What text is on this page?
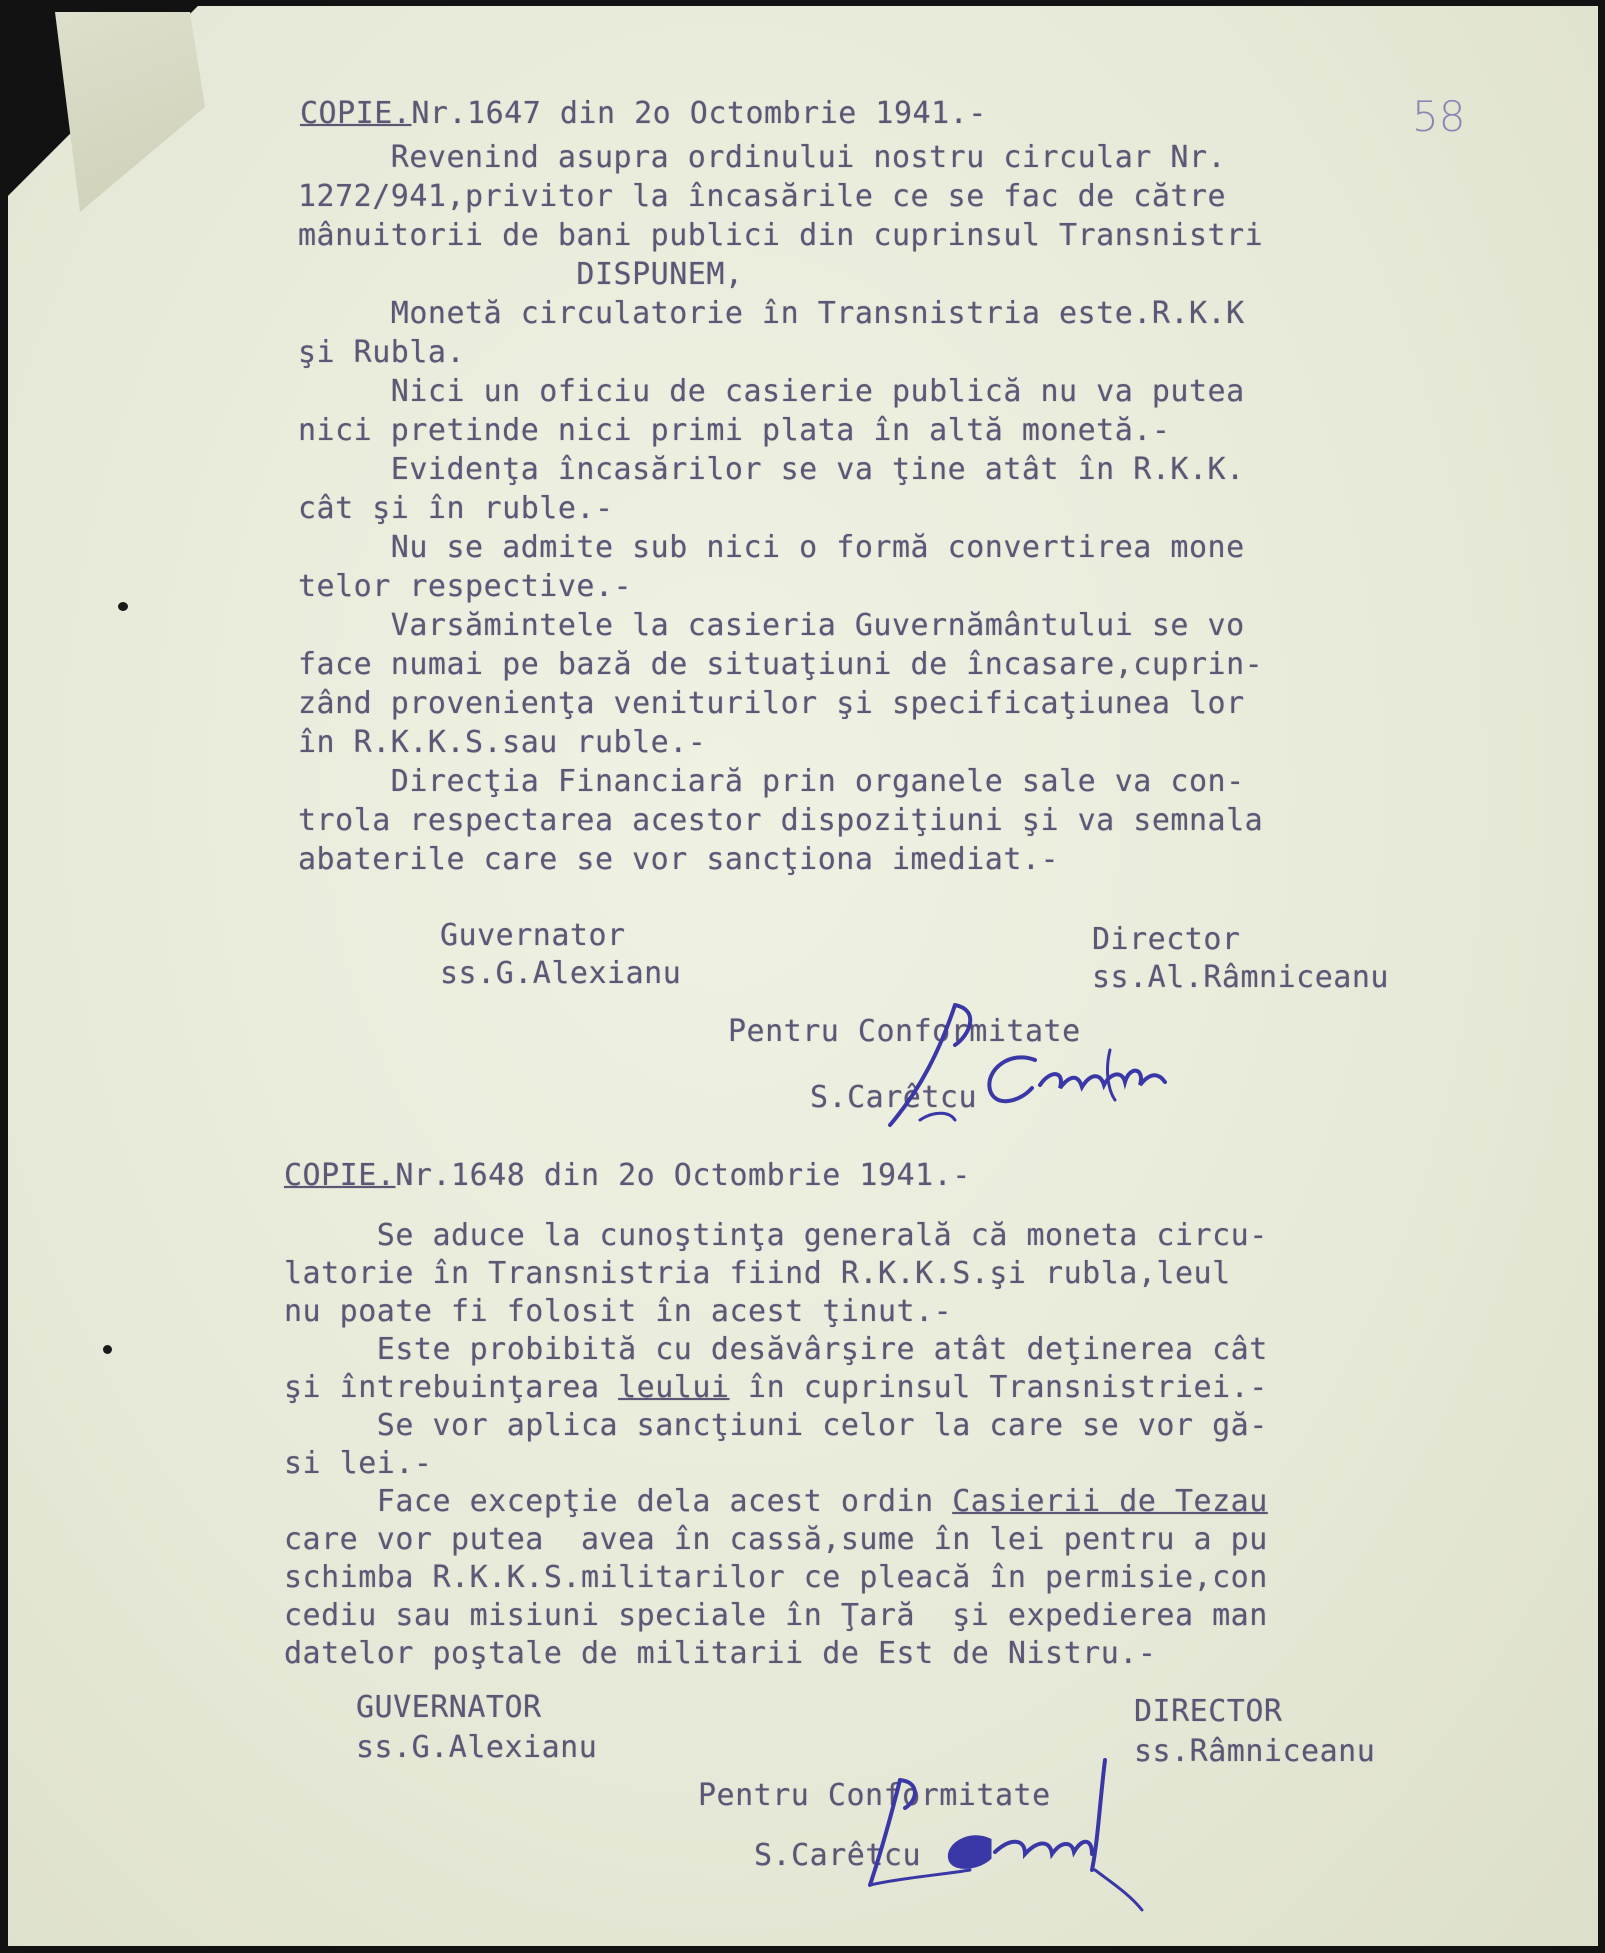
58

COPIE.Nr.1647 din 2o Octombrie 1941.-

Revenind asupra ordinului nostru circular Nr.
1272/941,privitor la încasările ce se fac de către
mânuitorii de bani publici din cuprinsul Transnistri
DISPUNEM,
Monetă circulatorie în Transnistria este.R.K.K
şi Rubla.
Nici un oficiu de casierie publică nu va putea
nici pretinde nici primi plata în altă monetă.-
Evidenţa încasărilor se va ţine atât în R.K.K.
cât şi în ruble.-
Nu se admite sub nici o formă convertirea mone
telor respective.-
Varsămintele la casieria Guvernământului se vo
face numai pe bază de situaţiuni de încasare,cuprin-
zând provenienţa veniturilor şi specificaţiunea lor
în R.K.K.S.sau ruble.-
Direcţia Financiară prin organele sale va con-
trola respectarea acestor dispoziţiuni şi va semnala
abaterile care se vor sancţiona imediat.-

Guvernator

ss.G.Alexianu

Director

ss.Al.Râmniceanu

Pentru Conformitate

S.Carêtcu

COPIE.Nr.1648 din 2o Octombrie 1941.-

Se aduce la cunoştinţa generală că moneta circu-
latorie în Transnistria fiind R.K.K.S.şi rubla,leul
nu poate fi folosit în acest ţinut.-
Este probibită cu desăvârşire atât deţinerea cât
şi întrebuinţarea leului în cuprinsul Transnistriei.-
Se vor aplica sancţiuni celor la care se vor gă-
si lei.-
Face excepţie dela acest ordin Casierii de Tezau
care vor putea  avea în cassă,sume în lei pentru a pu
schimba R.K.K.S.militarilor ce pleacă în permisie,con
cediu sau misiuni speciale în Ţară  şi expedierea man
datelor poştale de militarii de Est de Nistru.-

GUVERNATOR

ss.G.Alexianu

DIRECTOR

ss.Râmniceanu

Pentru Conformitate

S.Carêtcu
